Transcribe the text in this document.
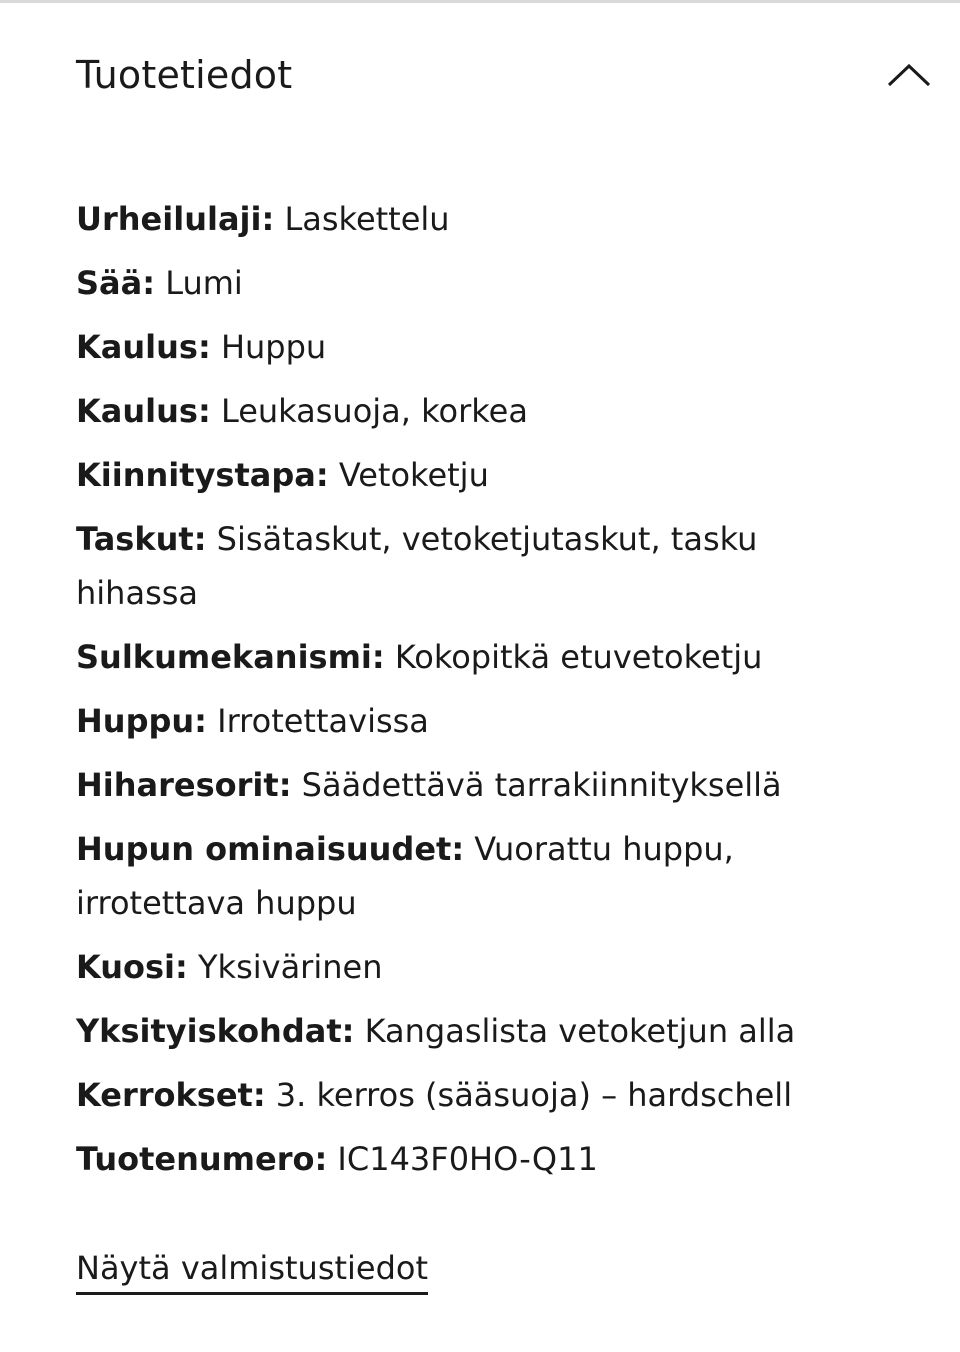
Tuotetiedot
Urheilulaji: Laskettelu
Sää: Lumi
Kaulus: Huppu
Kaulus: Leukasuoja, korkea
Kiinnitystapa: Vetoketju
Taskut: Sisätaskut, vetoketjutaskut, tasku hihassa
Sulkumekanismi: Kokopitkä etuvetoketju
Huppu: Irrotettavissa
Hiharesorit: Säädettävä tarrakiinnityksellä
Hupun ominaisuudet: Vuorattu huppu, irrotettava huppu
Kuosi: Yksivärinen
Yksityiskohdat: Kangaslista vetoketjun alla
Kerrokset: 3. kerros (sääsuoja) – hardschell
Tuotenumero: IC143F0HO-Q11
Näytä valmistustiedot
